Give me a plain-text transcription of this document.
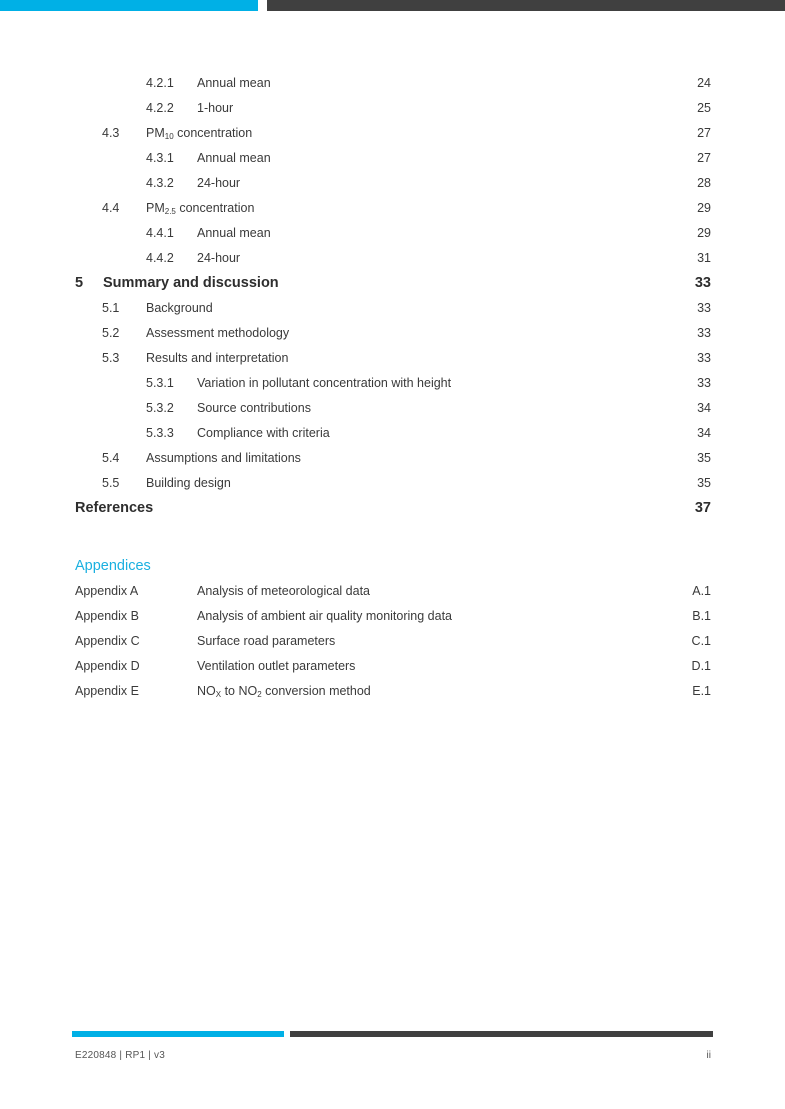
4.2.1 Annual mean	24
4.2.2 1-hour	25
4.3 $PM_{10}$ concentration	27
4.3.1 Annual mean	27
4.3.2 24-hour	28
4.4 $PM_{2.5}$ concentration	29
4.4.1 Annual mean	29
4.4.2 24-hour	31
5 Summary and discussion	33
5.1 Background	33
5.2 Assessment methodology	33
5.3 Results and interpretation	33
5.3.1 Variation in pollutant concentration with height	33
5.3.2 Source contributions	34
5.3.3 Compliance with criteria	34
5.4 Assumptions and limitations	35
5.5 Building design	35
References	37
Appendices
Appendix A	Analysis of meteorological data	A.1
Appendix B	Analysis of ambient air quality monitoring data	B.1
Appendix C	Surface road parameters	C.1
Appendix D	Ventilation outlet parameters	D.1
Appendix E	$NO_X$ to $NO_2$ conversion method	E.1
E220848 | RP1 | v3	ii
